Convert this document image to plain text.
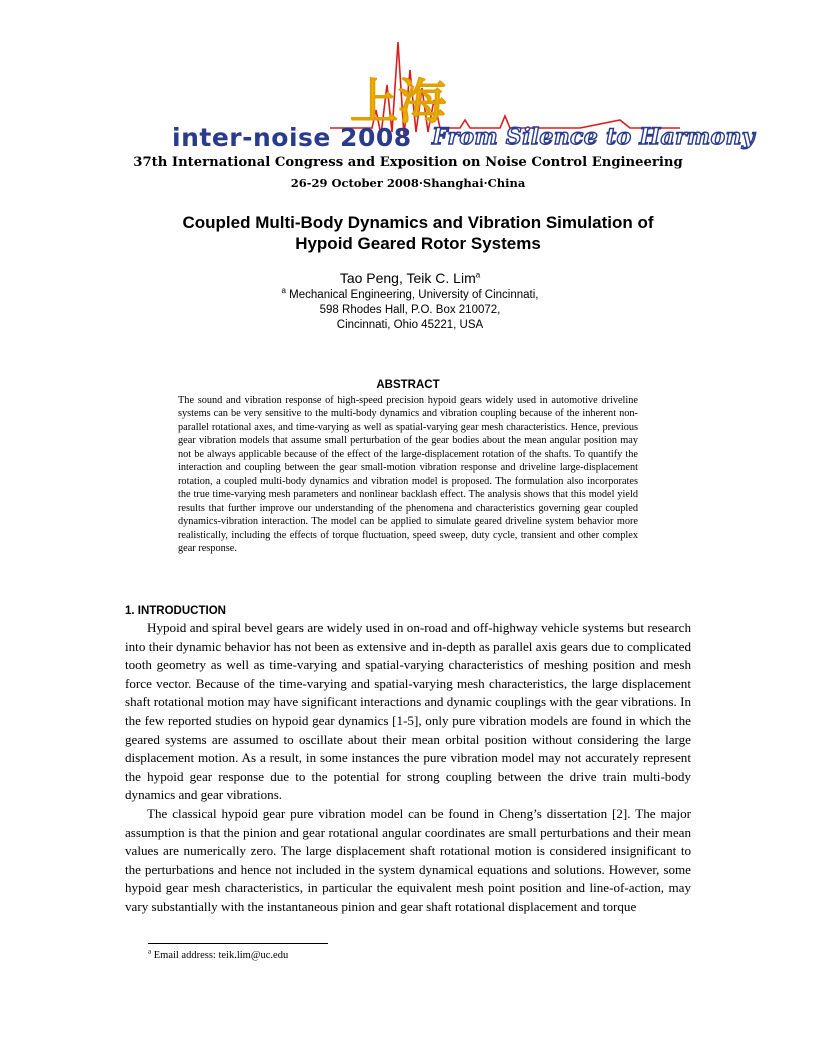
上海
inter-noise 2008 From Silence to Harmony
37th International Congress and Exposition on Noise Control Engineering
26-29 October 2008·Shanghai·China
Coupled Multi-Body Dynamics and Vibration Simulation of
Hypoid Geared Rotor Systems
Tao Peng, Teik C. Lim$^a$
$^a$ Mechanical Engineering, University of Cincinnati,
598 Rhodes Hall, P.O. Box 210072,
Cincinnati, Ohio 45221, USA
ABSTRACT

The sound and vibration response of high-speed precision hypoid gears widely used in automotive driveline systems can be very sensitive to the multi-body dynamics and vibration coupling because of the inherent non-parallel rotational axes, and time-varying as well as spatial-varying gear mesh characteristics. Hence, previous gear vibration models that assume small perturbation of the gear bodies about the mean angular position may not be always applicable because of the effect of the large-displacement rotation of the shafts. To quantify the interaction and coupling between the gear small-motion vibration response and driveline large-displacement rotation, a coupled multi-body dynamics and vibration model is proposed. The formulation also incorporates the true time-varying mesh parameters and nonlinear backlash effect. The analysis shows that this model yield results that further improve our understanding of the phenomena and characteristics governing gear coupled dynamics-vibration interaction. The model can be applied to simulate geared driveline system behavior more realistically, including the effects of torque fluctuation, speed sweep, duty cycle, transient and other complex gear response.

1. INTRODUCTION

Hypoid and spiral bevel gears are widely used in on-road and off-highway vehicle systems but research into their dynamic behavior has not been as extensive and in-depth as parallel axis gears due to complicated tooth geometry as well as time-varying and spatial-varying characteristics of meshing position and mesh force vector. Because of the time-varying and spatial-varying mesh characteristics, the large displacement shaft rotational motion may have significant interactions and dynamic couplings with the gear vibrations. In the few reported studies on hypoid gear dynamics [1-5], only pure vibration models are found in which the geared systems are assumed to oscillate about their mean orbital position without considering the large displacement motion. As a result, in some instances the pure vibration model may not accurately represent the hypoid gear response due to the potential for strong coupling between the drive train multi-body dynamics and gear vibrations.

The classical hypoid gear pure vibration model can be found in Cheng’s dissertation [2]. The major assumption is that the pinion and gear rotational angular coordinates are small perturbations and their mean values are numerically zero. The large displacement shaft rotational motion is considered insignificant to the perturbations and hence not included in the system dynamical equations and solutions. However, some hypoid gear mesh characteristics, in particular the equivalent mesh point position and line-of-action, may vary substantially with the instantaneous pinion and gear shaft rotational displacement and torque

$^a$ Email address: teik.lim@uc.edu
